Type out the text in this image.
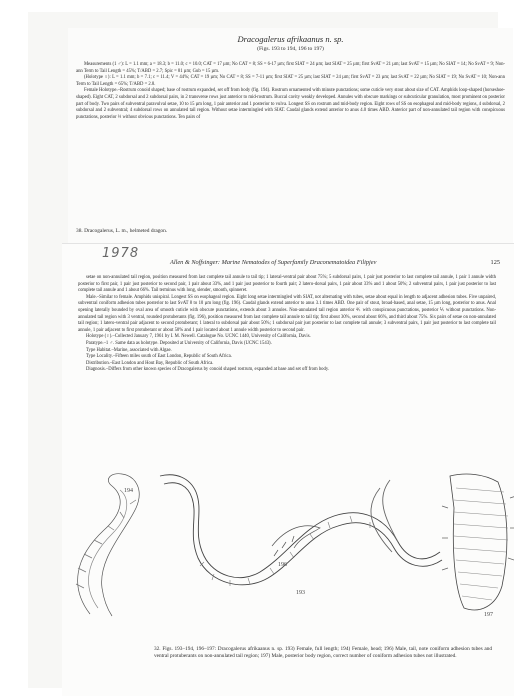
Dracogalerus afrikaanus n. sp.
(Figs. 193 to 194, 196 to 197)

Measurements (1 ♂): L = 1.1 mm; a = 18.3; b = 11.0; c = 10.0; CAT = 17 µm; No CAT = 8; SS = 6-17 µm; first SIAT = 24 µm; last SIAT = 25 µm; first SvAT = 21 µm; last SvAT = 15 µm; No SIAT = 14; No SvAT = 9; Non-ann Term to Tail Length = 45%; T/ABD = 2.7; Spic = 81 µm; Gub = 15 µm.

(Holotype ♀): L = 1.1 mm; b = 7.1; c = 11.4; V = 44%; CAT = 19 µm; No CAT = 8; SS = 7-11 µm; first SIAT = 25 µm; last SIAT = 24 µm; first SvAT = 23 µm; last SvAT = 22 µm; No SIAT = 19; No SvAT = 10; Non-ann Term to Tail Length = 65%; T/ABD = 2.8.

Female Holotype.–Rostrum conoid shaped; base of rostrum expanded, set off from body (fig. 194). Rostrum ornamented with minute punctations; some cuticle very stout about size of CAT. Amphids loop-shaped (horseshoe-shaped). Eight CAT, 2 subdorsal and 2 subdorsal pairs, in 2 transverse rows just anterior to mid-rostrum. Buccal cavity weakly developed. Annules with obscure markings or subcuticular granulation, most prominent on posterior part of body. Two pairs of subventral paravulval setae, 10 to 15 µm long, 1 pair anterior and 1 posterior to vulva. Longest SS on rostrum and mid-body region. Eight rows of SS on esophageal and mid-body regions, 4 subdorsal, 2 subdorsal and 2 subventral; 4 subdorsal rows on annulated tail region. Without setae intermingled with SIAT. Caudal glands extend anterior to anus 4.0 times ABD. Anterior part of non-annulated tail region with conspicuous punctations, posterior ⅓ without obvious punctations. Ten pairs of

38. Dracogalerus, L. m., helmeted dragon.
1978
Allen & Noffsinger: Marine Nematodes of Superfamily Draconematoidea Filipjev	125

setae on non-annulated tail region, position measured from last complete tail annule to tail tip; 1 lateral-ventral pair about 75%; 5 subdorsal pairs, 1 pair just posterior to last complete tail annule, 1 pair 1 annule width posterior to first pair, 1 pair just posterior to second pair, 1 pair about 33%, and 1 pair just posterior to fourth pair; 2 latero-dorsal pairs, 1 pair about 33% and 1 about 50%; 2 subventral pairs, 1 pair just posterior to last complete tail annule and 1 about 66%. Tail terminus with long, slender, smooth, spinneret.

Male.–Similar to female. Amphids unispiral. Longest SS on esophageal region. Eight long setae intermingled with SIAT, not alternating with tubes, setae about equal in length to adjacent adhesion tubes. Five unpaired, subventral coniform adhesion tubes posterior to last SvAT 8 to 10 µm long (fig. 196). Caudal glands extend anterior to anus 3.1 times ABD. One pair of stout, broad-based, anal setae, 15 µm long, posterior to anus. Anal opening laterally bounded by oval area of smooth cuticle with obscure punctations, extends about 3 annules. Non-annulated tail region anterior ⅘ with conspicuous punctations, posterior ⅕ without punctations. Non-annulated tail region with 3 ventral, rounded protuberants (fig. 196), position measured from last complete tail annule to tail tip; first about 30%, second about 66%, and third about 75%. Six pairs of setae on non-annulated tail region; 1 latero-ventral pair adjacent to second protuberant; 1 lateral to subdorsal pair about 50%; 1 subdorsal pair just posterior to last complete tail annule; 3 subventral pairs, 1 pair just posterior to last complete tail annule, 1 pair adjacent to first protuberant or about 50% and 1 pair located about 1 annule width posterior to second pair.

Holotype (♀).–Collected January 7, 1961 by I. M. Newell. Catalogue No. UCNC 1440, University of California, Davis.

Paratype.–1 ♂. Same data as holotype. Deposited at University of California, Davis (UCNC 1543).

Type Habitat.–Marine, associated with Algae.

Type Locality.–Fifteen miles south of East London, Republic of South Africa.

Distribution.–East London and Hout Bay, Republic of South Africa.

Diagnosis.–Differs from other known species of Dracogalerus by conoid shaped rostrum, expanded at base and set off from body.

194
193
196
197
32. Figs. 193–194, 196–197: Dracogalerus afrikaanus n. sp. 193) Female, full length; 194) Female, head; 196) Male, tail, note coniform adhesion tubes and ventral protuberants on non-annulated tail region; 197) Male, posterior body region, correct number of coniform adhesion tubes not illustrated.
